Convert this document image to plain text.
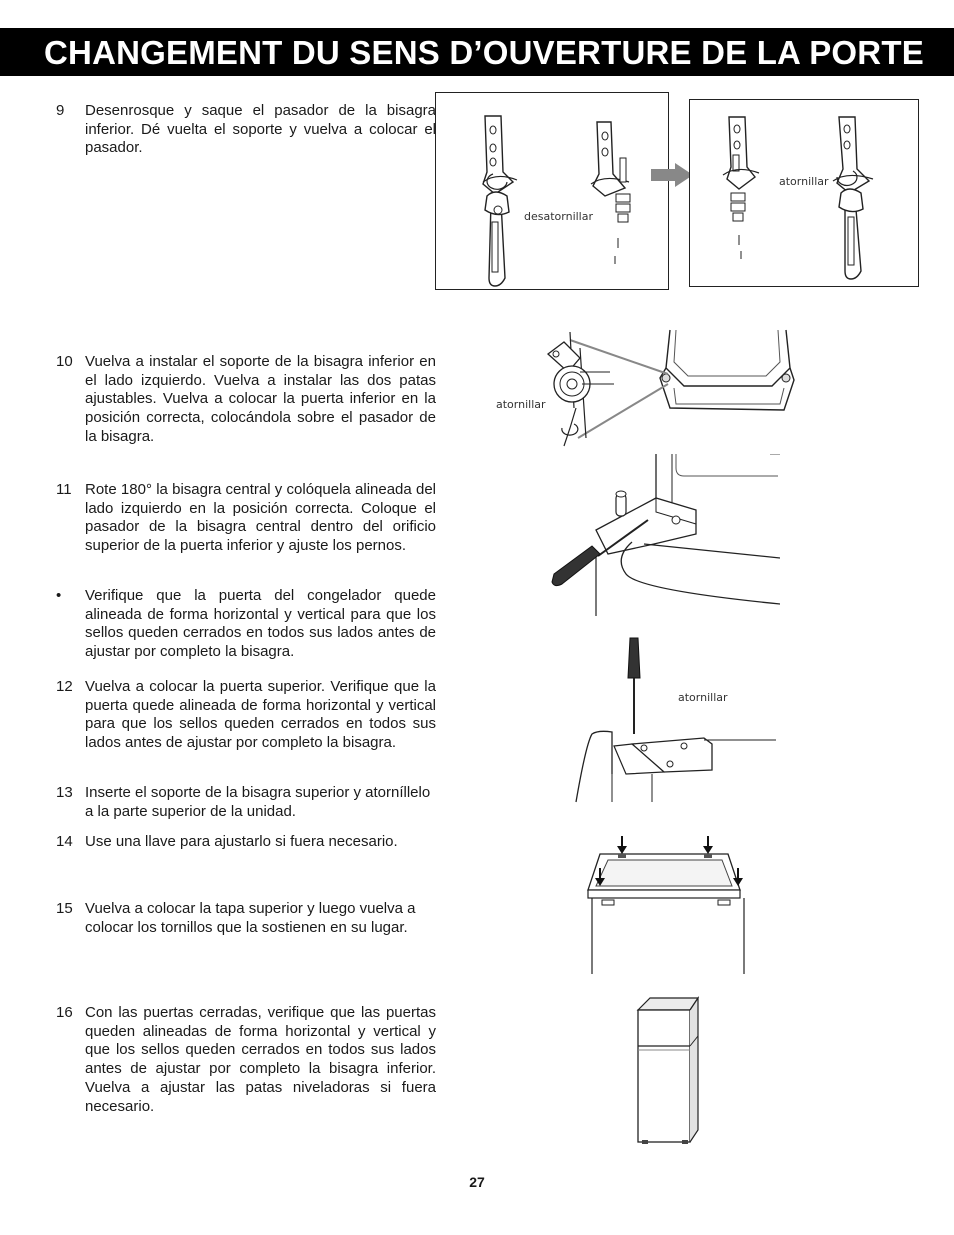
CHANGEMENT DU SENS D’OUVERTURE DE LA PORTE
9 Desenrosque y saque el pasador de la bisagra inferior. Dé vuelta el soporte y vuelva a colocar el pasador.
10 Vuelva a instalar el soporte de la bisagra inferior en el lado izquierdo. Vuelva a instalar las dos patas ajustables. Vuelva a colocar la puerta inferior en la posición correcta, colocándola sobre el pasador de la bisagra.
11 Rote 180° la bisagra central y colóquela alineada del lado izquierdo en la posición correcta. Coloque el pasador de la bisagra central dentro del orificio superior de la puerta inferior y ajuste los pernos.
• Verifique que la puerta del congelador quede alineada de forma horizontal y vertical para que los sellos queden cerrados en todos sus lados antes de ajustar por completo la bisagra.
12 Vuelva a colocar la puerta superior. Verifique que la puerta quede alineada de forma horizontal y vertical para que los sellos queden cerrados en todos sus lados antes de ajustar por completo la bisagra.
13 Inserte el soporte de la bisagra superior y atorníllelo a la parte superior de la unidad.
14 Use una llave para ajustarlo si fuera necesario.
15 Vuelva a colocar la tapa superior y luego vuelva a colocar los tornillos que la sostienen en su lugar.
16 Con las puertas cerradas, verifique que las puertas queden alineadas de forma horizontal y vertical y que los sellos queden cerrados en todos sus lados antes de ajustar por completo la bisagra inferior. Vuelva a ajustar las patas niveladoras si fuera necesario.
desatornillar
atornillar
atornillar
atornillar
27
